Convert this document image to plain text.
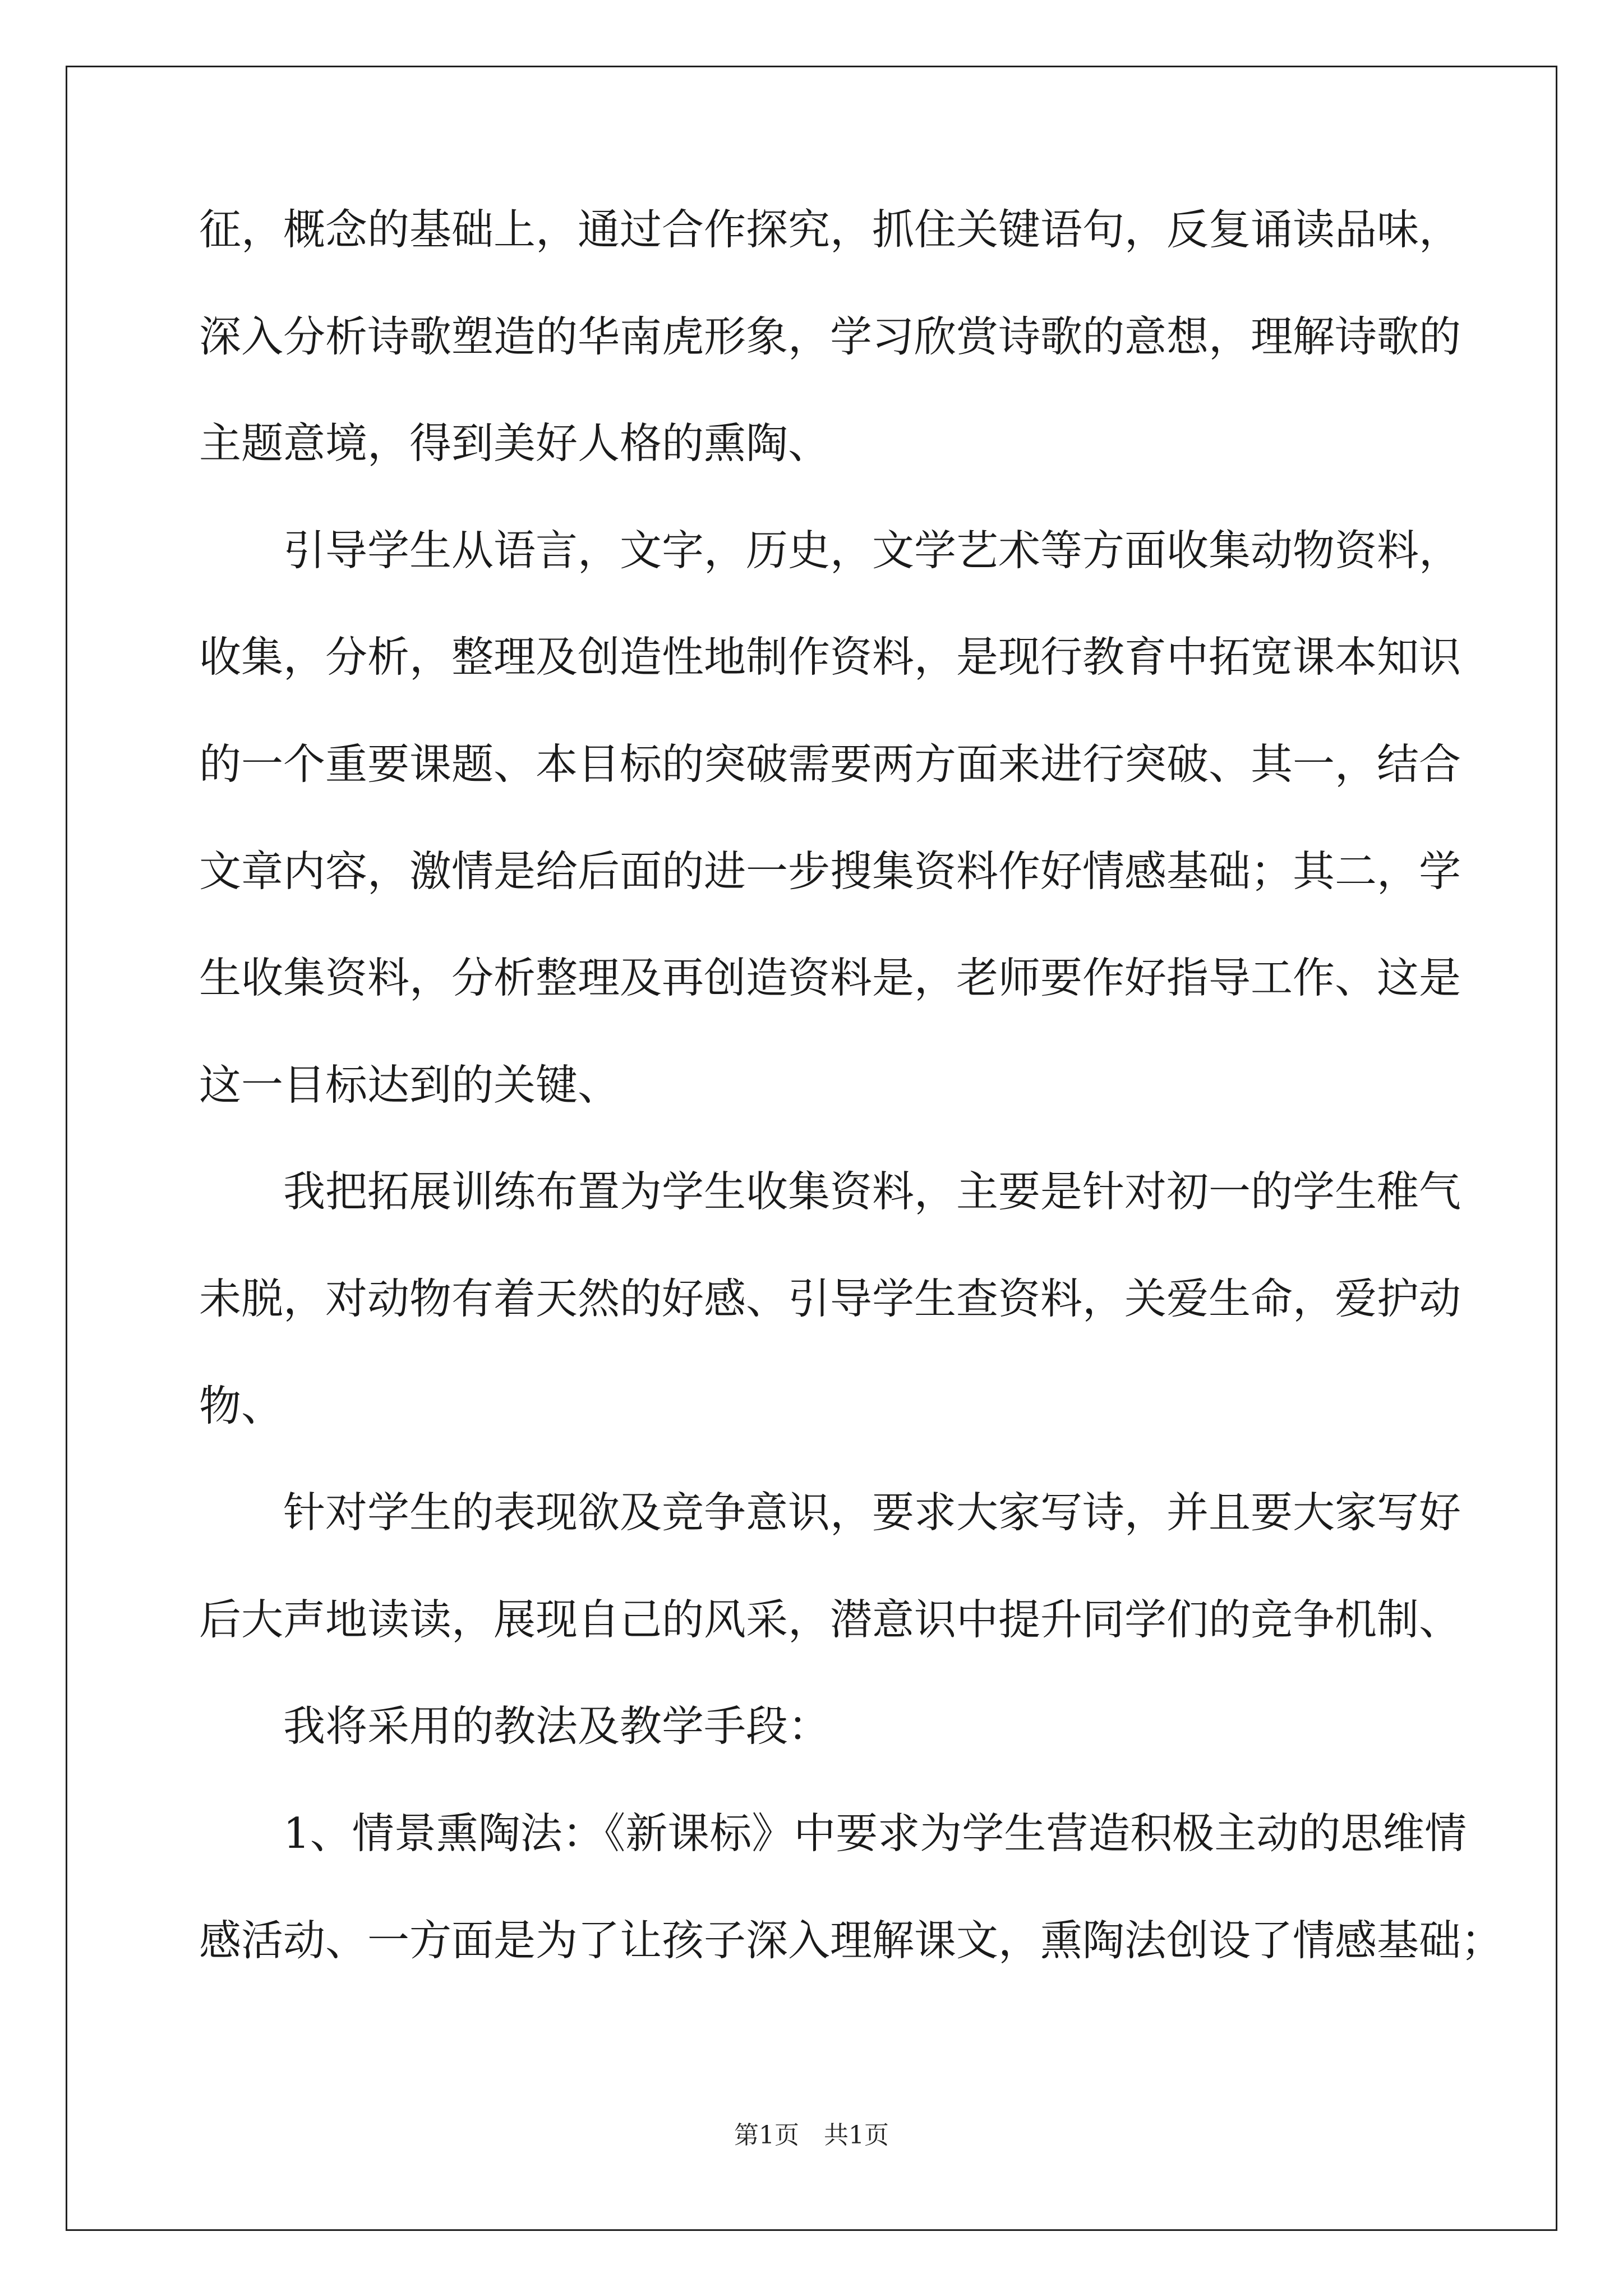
征，概念的基础上，通过合作探究，抓住关键语句，反复诵读品味，
深入分析诗歌塑造的华南虎形象，学习欣赏诗歌的意想，理解诗歌的
主题意境，得到美好人格的熏陶、
引导学生从语言，文字，历史，文学艺术等方面收集动物资料，
收集，分析，整理及创造性地制作资料，是现行教育中拓宽课本知识
的一个重要课题、本目标的突破需要两方面来进行突破、其一，结合
文章内容，激情是给后面的进一步搜集资料作好情感基础；其二，学
生收集资料，分析整理及再创造资料是，老师要作好指导工作、这是
这一目标达到的关键、
我把拓展训练布置为学生收集资料，主要是针对初一的学生稚气
未脱，对动物有着天然的好感、引导学生查资料，关爱生命，爱护动
物、
针对学生的表现欲及竞争意识，要求大家写诗，并且要大家写好
后大声地读读，展现自己的风采，潜意识中提升同学们的竞争机制、
我将采用的教法及教学手段：
1、情景熏陶法：《新课标》中要求为学生营造积极主动的思维情
感活动、一方面是为了让孩子深入理解课文，熏陶法创设了情感基础；
第1页　共1页
